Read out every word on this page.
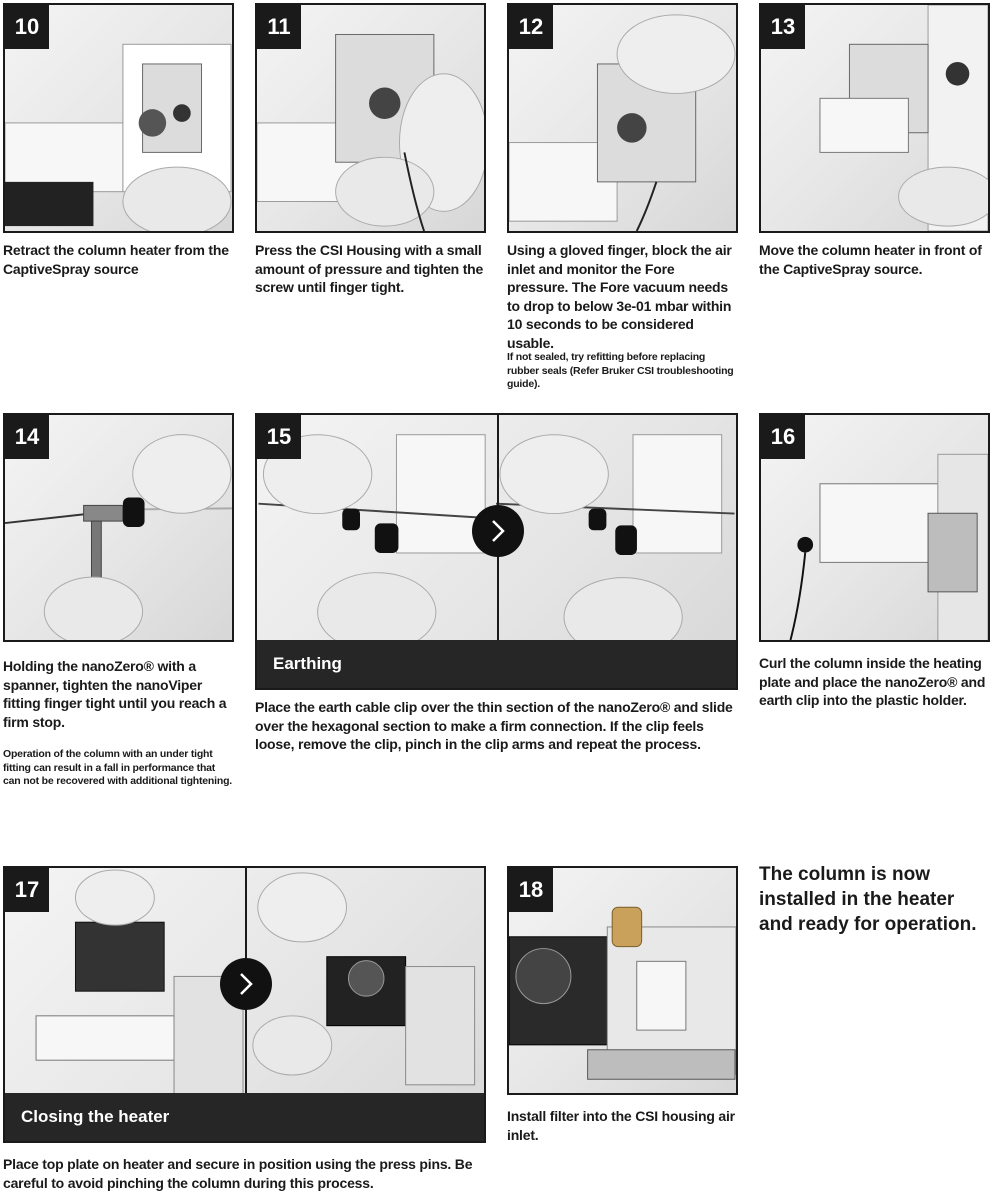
10
Retract the column heater from the CaptiveSpray source
11
Press the CSI Housing with a small amount of pressure and tighten the screw until finger tight.
12
Using a gloved finger, block the air inlet and monitor the Fore pressure. The Fore vacuum needs to drop to below 3e-01 mbar within 10 seconds to be considered usable.
If not sealed, try refitting before replacing rubber seals (Refer Bruker CSI troubleshooting guide).
13
Move the column heater in front of the CaptiveSpray source.
14
Holding the nanoZero® with a spanner, tighten the nanoViper fitting finger tight until you reach a firm stop.
Operation of the column with an under tight fitting can result in a fall in performance that can not be recovered with additional tightening.
15
Earthing
Place the earth cable clip over the thin section of the nanoZero® and slide over the hexagonal section to make a firm connection. If the clip feels loose, remove the clip, pinch in the clip arms and repeat the process.
16
Curl the column inside the heating plate and place the nanoZero® and earth clip into the plastic holder.
17
Closing the heater
Place top plate on heater and secure in position using the press pins. Be careful to avoid pinching the column during this process.
18
Install filter into the CSI housing air inlet.
The column is now installed in the heater and ready for operation.
